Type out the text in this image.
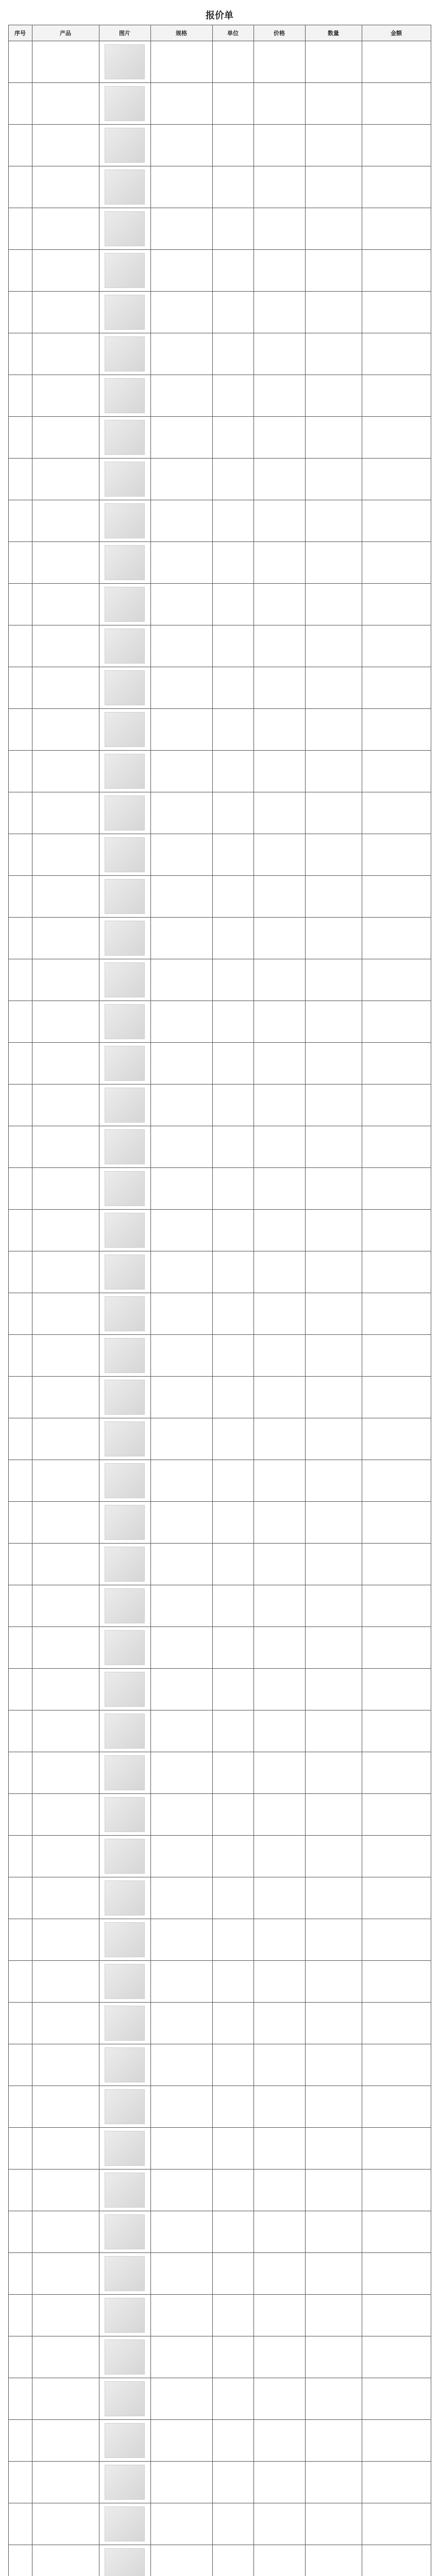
报价单
序号	产品	图片	规格	单位	价格	数量	金额
